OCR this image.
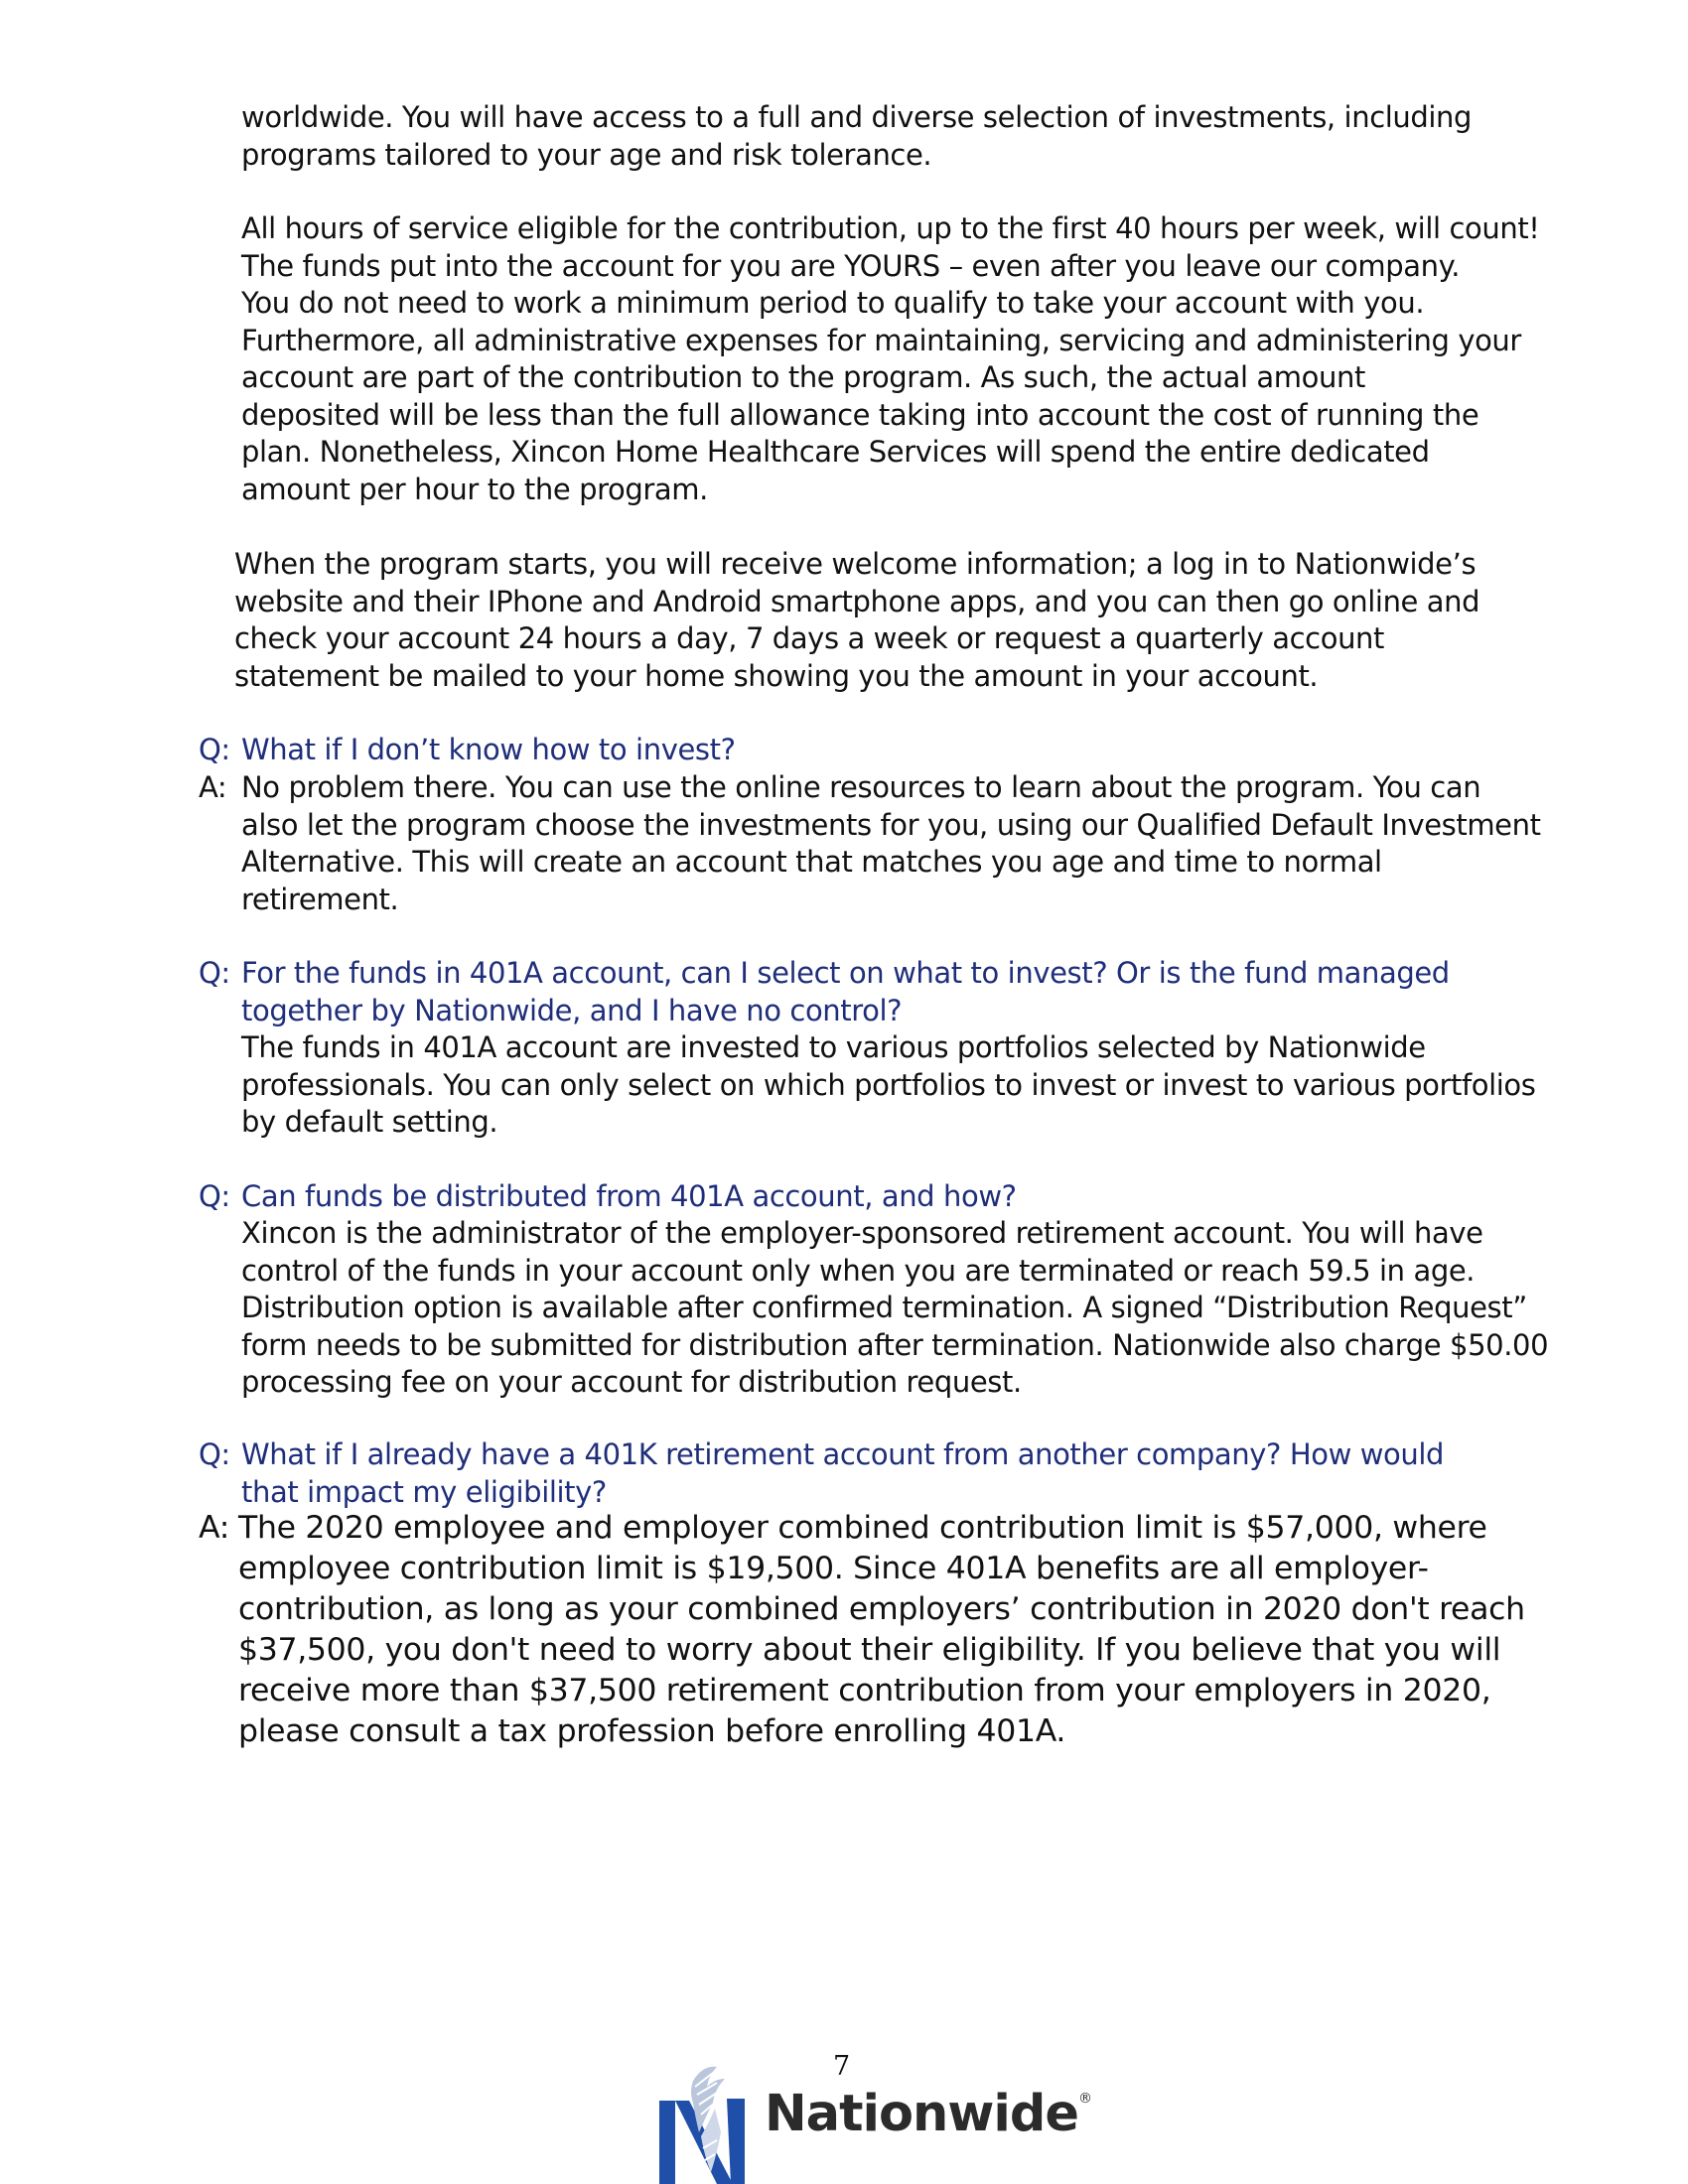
worldwide. You will have access to a full and diverse selection of investments, including
programs tailored to your age and risk tolerance.
All hours of service eligible for the contribution, up to the first 40 hours per week, will count!
The funds put into the account for you are YOURS – even after you leave our company.
You do not need to work a minimum period to qualify to take your account with you.
Furthermore, all administrative expenses for maintaining, servicing and administering your
account are part of the contribution to the program. As such, the actual amount
deposited will be less than the full allowance taking into account the cost of running the
plan. Nonetheless, Xincon Home Healthcare Services will spend the entire dedicated
amount per hour to the program.
When the program starts, you will receive welcome information; a log in to Nationwide’s
website and their IPhone and Android smartphone apps, and you can then go online and
check your account 24 hours a day, 7 days a week or request a quarterly account
statement be mailed to your home showing you the amount in your account.
Q: What if I don’t know how to invest?
A: No problem there. You can use the online resources to learn about the program. You can
also let the program choose the investments for you, using our Qualified Default Investment
Alternative. This will create an account that matches you age and time to normal
retirement.
Q: For the funds in 401A account, can I select on what to invest? Or is the fund managed
together by Nationwide, and I have no control?
The funds in 401A account are invested to various portfolios selected by Nationwide
professionals. You can only select on which portfolios to invest or invest to various portfolios
by default setting.
Q: Can funds be distributed from 401A account, and how?
Xincon is the administrator of the employer-sponsored retirement account. You will have
control of the funds in your account only when you are terminated or reach 59.5 in age.
Distribution option is available after confirmed termination. A signed “Distribution Request”
form needs to be submitted for distribution after termination. Nationwide also charge $50.00
processing fee on your account for distribution request.
Q: What if I already have a 401K retirement account from another company? How would
that impact my eligibility?
A: The 2020 employee and employer combined contribution limit is $57,000, where
employee contribution limit is $19,500. Since 401A benefits are all employer-
contribution, as long as your combined employers’ contribution in 2020 don't reach
$37,500, you don't need to worry about their eligibility. If you believe that you will
receive more than $37,500 retirement contribution from your employers in 2020,
please consult a tax profession before enrolling 401A.
7
Nationwide®
